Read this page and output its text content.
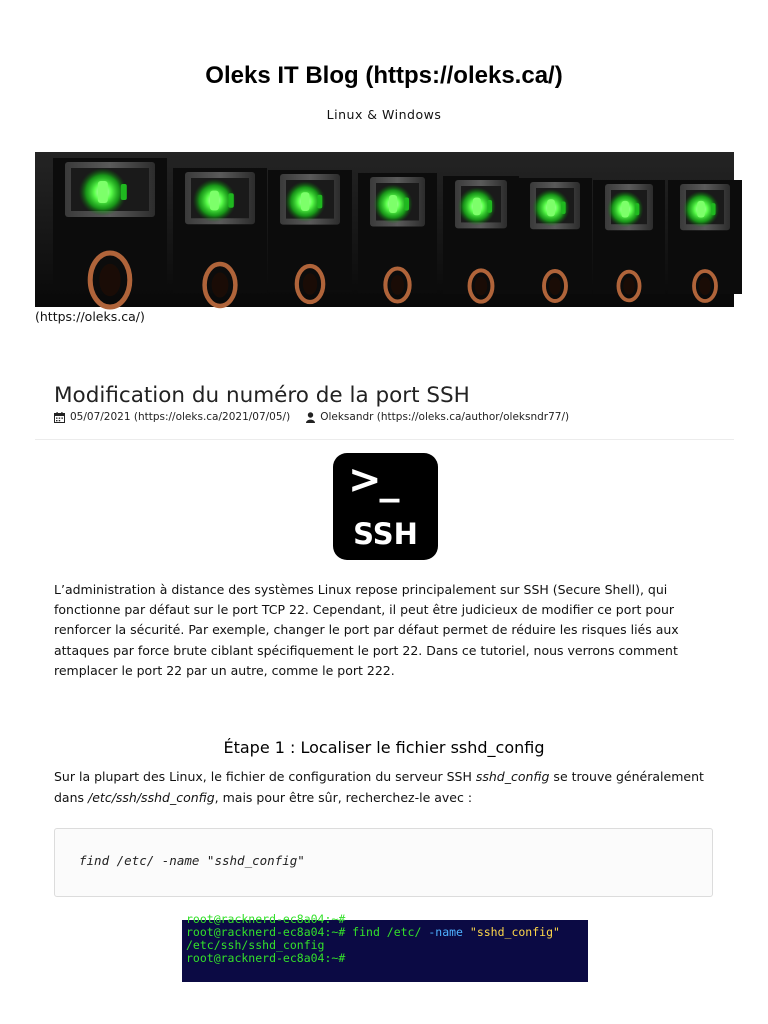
Oleks IT Blog (https://oleks.ca/)
Linux & Windows
(https://oleks.ca/)
Modification du numéro de la port SSH
05/07/2021 (https://oleks.ca/2021/07/05/)	Oleksandr (https://oleks.ca/author/oleksndr77/)
>_
SSH

L’administration à distance des systèmes Linux repose principalement sur SSH (Secure Shell), qui fonctionne par défaut sur le port TCP 22. Cependant, il peut être judicieux de modifier ce port pour renforcer la sécurité. Par exemple, changer le port par défaut permet de réduire les risques liés aux attaques par force brute ciblant spécifiquement le port 22. Dans ce tutoriel, nous verrons comment remplacer le port 22 par un autre, comme le port 222.

Étape 1 : Localiser le fichier sshd_config

Sur la plupart des Linux, le fichier de configuration du serveur SSH sshd_config se trouve généralement dans /etc/ssh/sshd_config, mais pour être sûr, recherchez-le avec :

find /etc/ -name "sshd_config"
root@racknerd-ec8a04:~#
root@racknerd-ec8a04:~# find /etc/ -name "sshd_config"
/etc/ssh/sshd_config
root@racknerd-ec8a04:~#
